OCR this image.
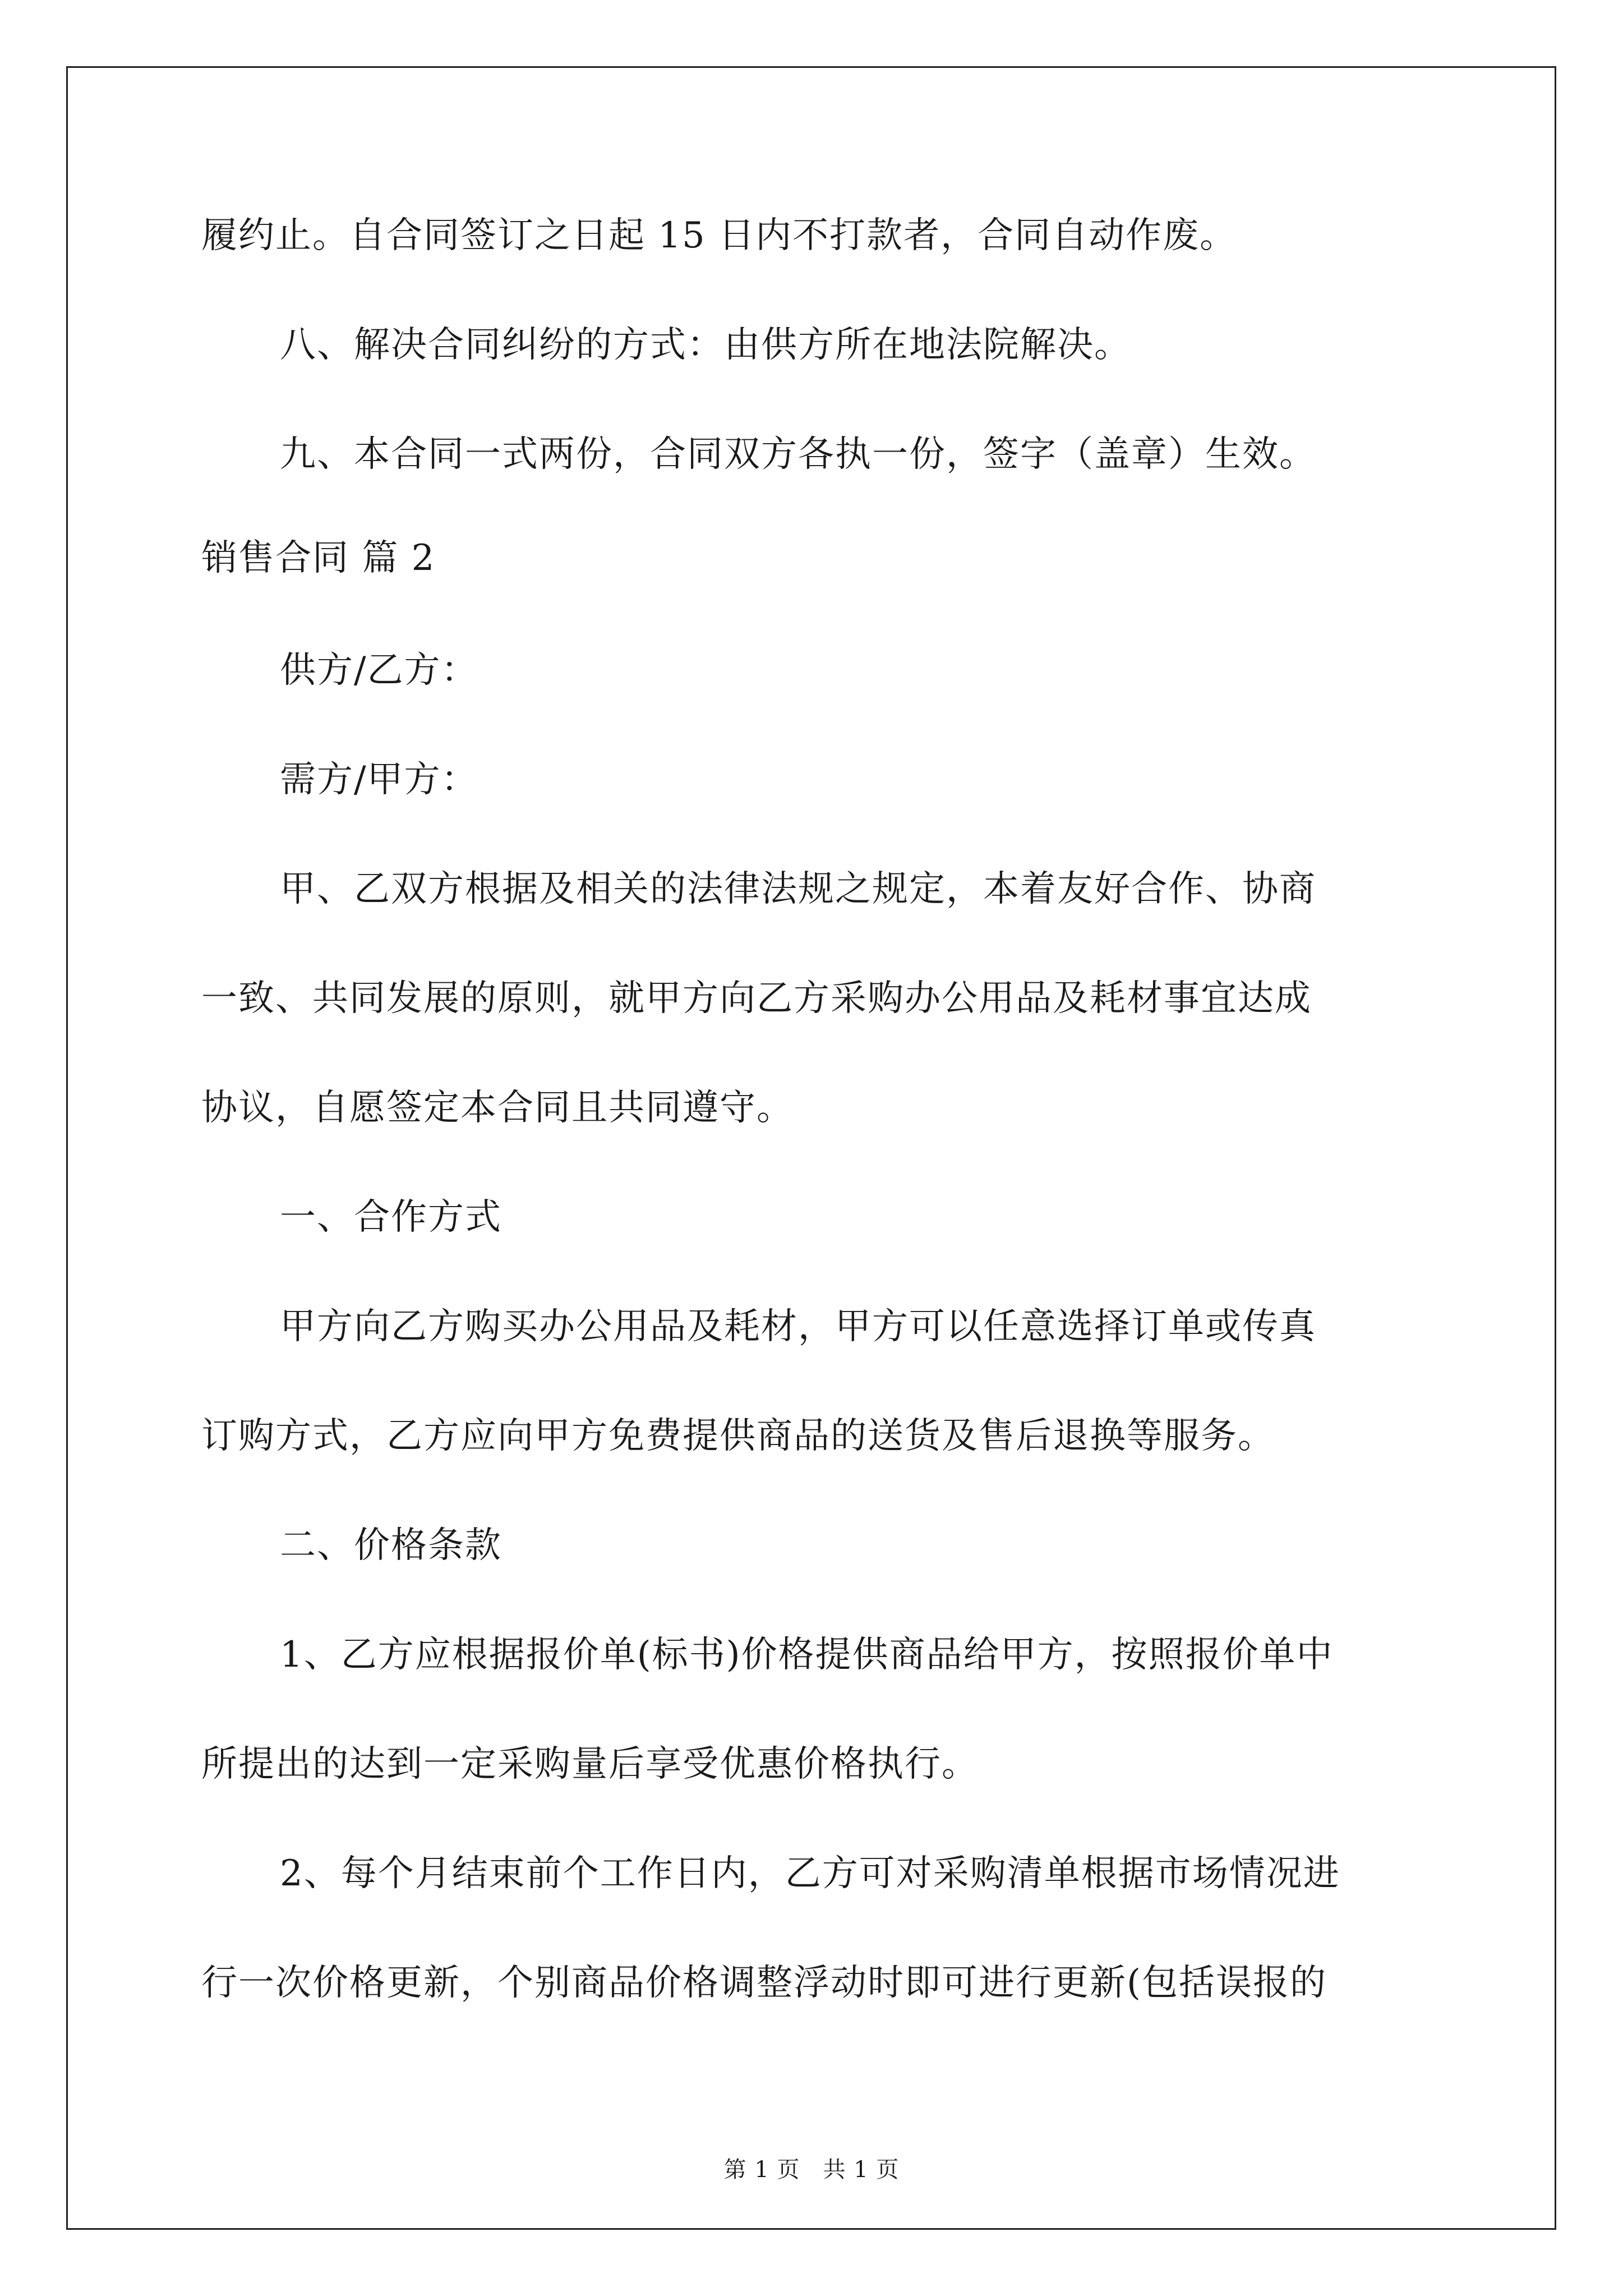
履约止。自合同签订之日起 15 日内不打款者，合同自动作废。
八、解决合同纠纷的方式：由供方所在地法院解决。
九、本合同一式两份，合同双方各执一份，签字（盖章）生效。
销售合同 篇 2
供方/乙方：
需方/甲方：
甲、乙双方根据及相关的法律法规之规定，本着友好合作、协商
一致、共同发展的原则，就甲方向乙方采购办公用品及耗材事宜达成
协议，自愿签定本合同且共同遵守。
一、合作方式
甲方向乙方购买办公用品及耗材，甲方可以任意选择订单或传真
订购方式，乙方应向甲方免费提供商品的送货及售后退换等服务。
二、价格条款
1、乙方应根据报价单(标书)价格提供商品给甲方，按照报价单中
所提出的达到一定采购量后享受优惠价格执行。
2、每个月结束前个工作日内，乙方可对采购清单根据市场情况进
行一次价格更新，个别商品价格调整浮动时即可进行更新(包括误报的
第 1 页　共 1 页
